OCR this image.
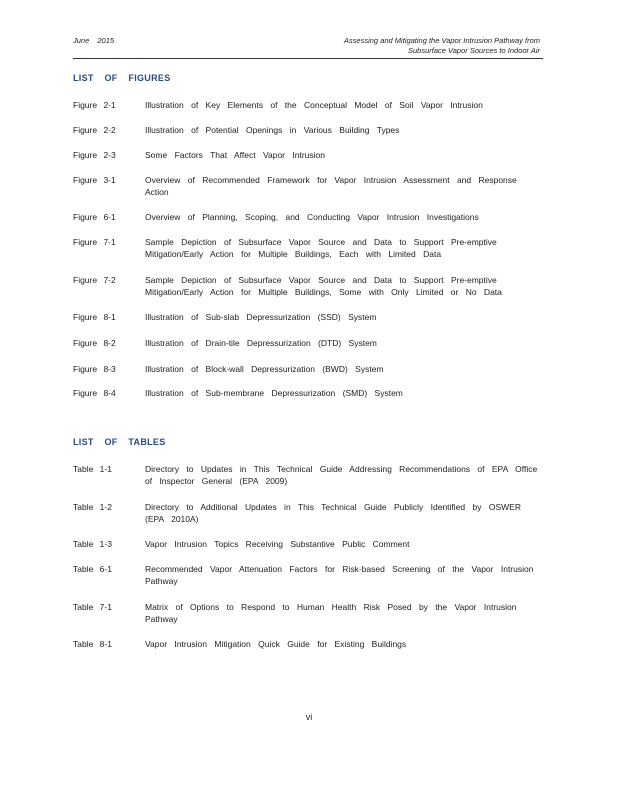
June 2015	Assessing and Mitigating the Vapor Intrusion Pathway from
Subsurface Vapor Sources to Indoor Air
LIST OF FIGURES
Figure 2-1	Illustration of Key Elements of the Conceptual Model of Soil Vapor Intrusion
Figure 2-2	Illustration of Potential Openings in Various Building Types
Figure 2-3	Some Factors That Affect Vapor Intrusion
Figure 3-1	Overview of Recommended Framework for Vapor Intrusion Assessment and Response Action
Figure 6-1	Overview of Planning, Scoping, and Conducting Vapor Intrusion Investigations
Figure 7-1	Sample Depiction of Subsurface Vapor Source and Data to Support Pre-emptive Mitigation/Early Action for Multiple Buildings, Each with Limited Data
Figure 7-2	Sample Depiction of Subsurface Vapor Source and Data to Support Pre-emptive Mitigation/Early Action for Multiple Buildings, Some with Only Limited or No Data
Figure 8-1	Illustration of Sub-slab Depressurization (SSD) System
Figure 8-2	Illustration of Drain-tile Depressurization (DTD) System
Figure 8-3	Illustration of Block-wall Depressurization (BWD) System
Figure 8-4	Illustration of Sub-membrane Depressurization (SMD) System
LIST OF TABLES
Table 1-1	Directory to Updates in This Technical Guide Addressing Recommendations of EPA Office of Inspector General (EPA 2009)
Table 1-2	Directory to Additional Updates in This Technical Guide Publicly Identified by OSWER (EPA 2010A)
Table 1-3	Vapor Intrusion Topics Receiving Substantive Public Comment
Table 6-1	Recommended Vapor Attenuation Factors for Risk-based Screening of the Vapor Intrusion Pathway
Table 7-1	Matrix of Options to Respond to Human Health Risk Posed by the Vapor Intrusion Pathway
Table 8-1	Vapor Intrusion Mitigation Quick Guide for Existing Buildings
vi
